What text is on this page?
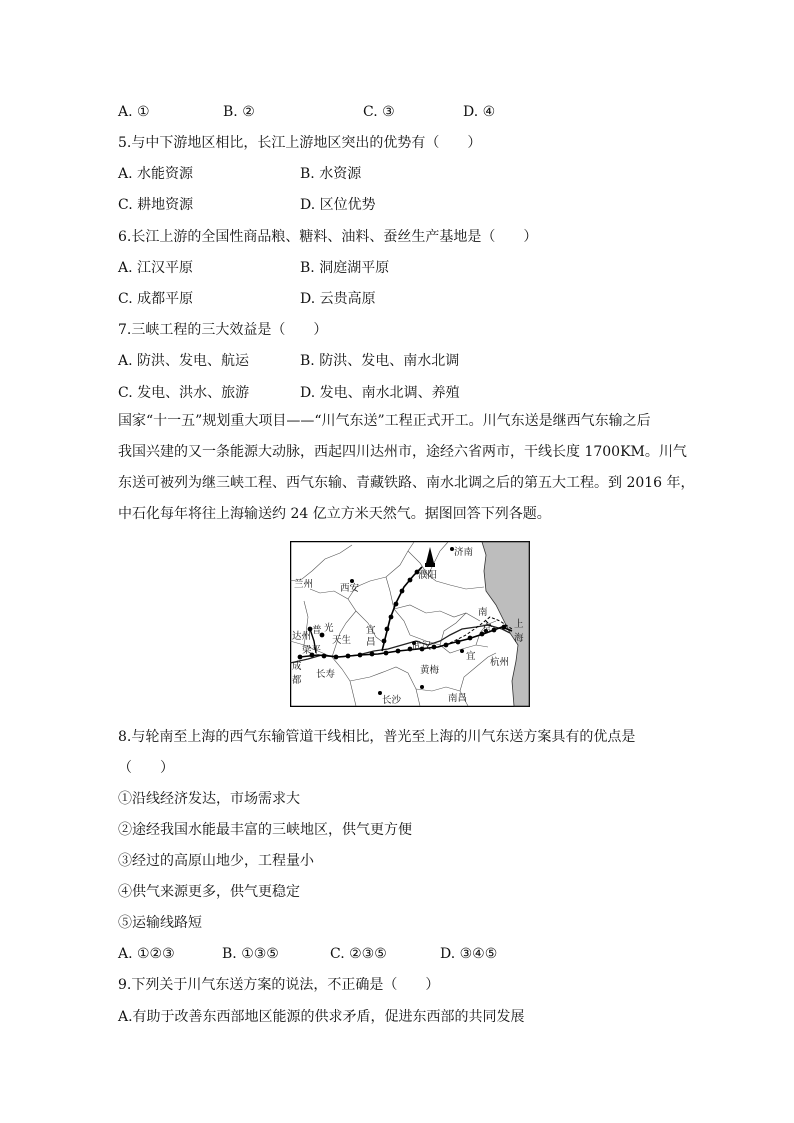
A. ①	B. ②	C. ③	D. ④
5.与中下游地区相比，长江上游地区突出的优势有（　　）
A. 水能资源	B. 水资源
C. 耕地资源	D. 区位优势
6.长江上游的全国性商品粮、糖料、油料、蚕丝生产基地是（　　）
A. 江汉平原	B. 洞庭湖平原
C. 成都平原	D. 云贵高原
7.三峡工程的三大效益是（　　）
A. 防洪、发电、航运	B. 防洪、发电、南水北调
C. 发电、洪水、旅游	D. 发电、南水北调、养殖
国家“十一五”规划重大项目——“川气东送”工程正式开工。川气东送是继西气东输之后
我国兴建的又一条能源大动脉，西起四川达州市，途经六省两市，干线长度 1700KM。川气
东送可被列为继三峡工程、西气东输、青藏铁路、南水北调之后的第五大工程。到 2016 年，
中石化每年将往上海输送约 24 亿立方米天然气。据图回答下列各题。
济南
濮阳
兰州	西安
宜
昌
普 光
天生
达州
梁平
成
都
长寿
武汉
黄梅
南
京 上
海
杭州
宜
长沙	南昌
8.与轮南至上海的西气东输管道干线相比，普光至上海的川气东送方案具有的优点是
（　　）
①沿线经济发达，市场需求大
②途经我国水能最丰富的三峡地区，供气更方便
③经过的高原山地少，工程量小
④供气来源更多，供气更稳定
⑤运输线路短
A. ①②③	B. ①③⑤	C. ②③⑤	D. ③④⑤
9.下列关于川气东送方案的说法，不正确是（　　）
A.有助于改善东西部地区能源的供求矛盾，促进东西部的共同发展
